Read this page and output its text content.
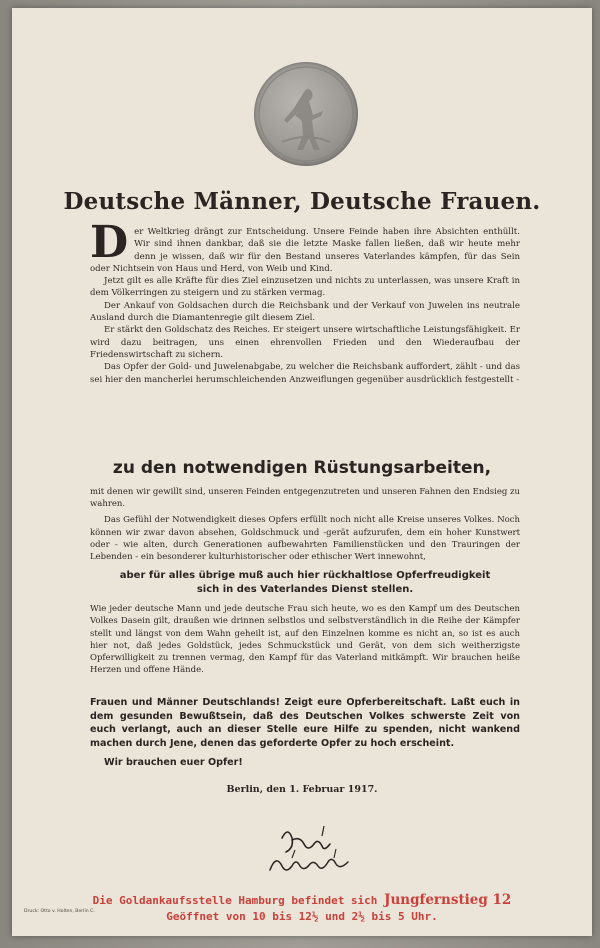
Deutsche Männer, Deutsche Frauen.
D er Weltkrieg drängt zur Entscheidung. Unsere Feinde haben ihre Absichten enthüllt. Wir sind ihnen dankbar, daß sie die letzte Maske fallen ließen, daß wir heute mehr denn je wissen, daß wir für den Bestand unseres Vaterlandes kämpfen, für das Sein oder Nichtsein von Haus und Herd, von Weib und Kind.

Jetzt gilt es alle Kräfte für dies Ziel einzusetzen und nichts zu unterlassen, was unsere Kraft in dem Völkerringen zu steigern und zu stärken vermag.

Der Ankauf von Goldsachen durch die Reichsbank und der Verkauf von Juwelen ins neutrale Ausland durch die Diamantenregie gilt diesem Ziel.

Er stärkt den Goldschatz des Reiches. Er steigert unsere wirtschaftliche Leistungsfähigkeit. Er wird dazu beitragen, uns einen ehrenvollen Frieden und den Wiederaufbau der Friedenswirtschaft zu sichern.

Das Opfer der Gold- und Juwelenabgabe, zu welcher die Reichsbank auffordert, zählt - und das sei hier den mancherlei herumschleichenden Anzweiflungen gegenüber ausdrücklich festgestellt -

zu den notwendigen Rüstungsarbeiten,

mit denen wir gewillt sind, unseren Feinden entgegenzutreten und unseren Fahnen den Endsieg zu wahren.

Das Gefühl der Notwendigkeit dieses Opfers erfüllt noch nicht alle Kreise unseres Volkes. Noch können wir zwar davon absehen, Goldschmuck und -gerät aufzurufen, dem ein hoher Kunstwert oder - wie alten, durch Generationen aufbewahrten Familienstücken und den Trauringen der Lebenden - ein besonderer kulturhistorischer oder ethischer Wert innewohnt,

aber für alles übrige muß auch hier rückhaltlose Opferfreudigkeit

sich in des Vaterlandes Dienst stellen.

Wie jeder deutsche Mann und jede deutsche Frau sich heute, wo es den Kampf um des Deutschen Volkes Dasein gilt, draußen wie drinnen selbstlos und selbstverständlich in die Reihe der Kämpfer stellt und längst von dem Wahn geheilt ist, auf den Einzelnen komme es nicht an, so ist es auch hier not, daß jedes Goldstück, jedes Schmuckstück und Gerät, von dem sich weitherzigste Opferwilligkeit zu trennen vermag, den Kampf für das Vaterland mitkämpft. Wir brauchen heiße Herzen und offene Hände.

Frauen und Männer Deutschlands! Zeigt eure Opferbereitschaft. Laßt euch in dem gesunden Bewußtsein, daß des Deutschen Volkes schwerste Zeit von euch verlangt, auch an dieser Stelle eure Hilfe zu spenden, nicht wankend machen durch Jene, denen das geforderte Opfer zu hoch erscheint.

Wir brauchen euer Opfer!

Berlin, den 1. Februar 1917.
Die Goldankaufsstelle Hamburg befindet sich Jungfernstieg 12
Geöffnet von 10 bis 12½ und 2½ bis 5 Uhr.
Druck: Otto v. Holten, Berlin C.
